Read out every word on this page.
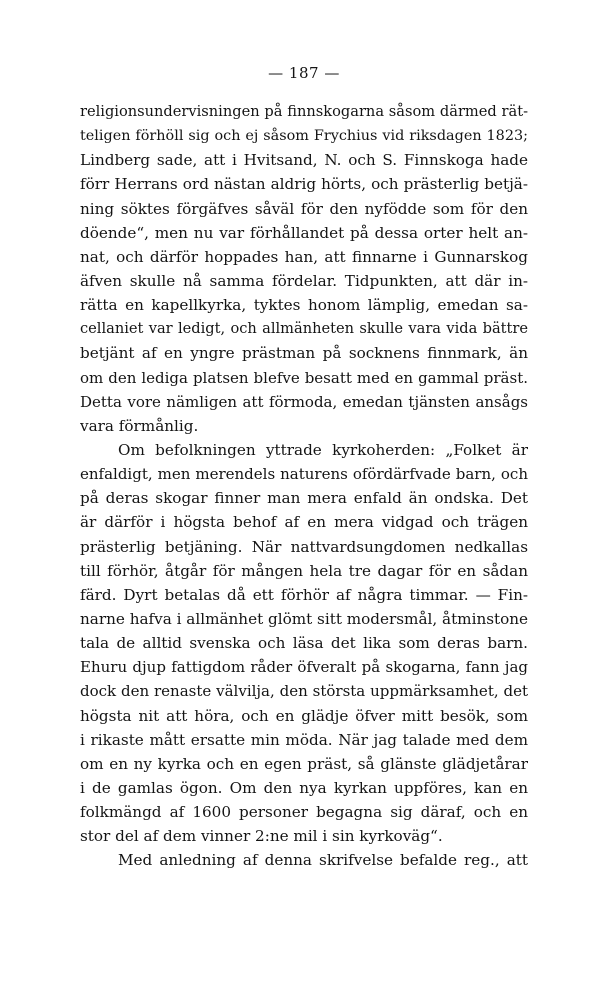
— 187 —
religionsundervisningen på finnskogarna såsom därmed rät-
teligen förhöll sig och ej såsom Frychius vid riksdagen 1823;
Lindberg sade, att i Hvitsand, N. och S. Finnskoga hade
förr Herrans ord nästan aldrig hörts, och prästerlig betjä-
ning söktes förgäfves såväl för den nyfödde som för den
döende“, men nu var förhållandet på dessa orter helt an-
nat, och därför hoppades han, att finnarne i Gunnarskog
äfven skulle nå samma fördelar. Tidpunkten, att där in-
rätta en kapellkyrka, tyktes honom lämplig, emedan sa-
cellaniet var ledigt, och allmänheten skulle vara vida bättre
betjänt af en yngre prästman på socknens finnmark, än
om den lediga platsen blefve besatt med en gammal präst.
Detta vore nämligen att förmoda, emedan tjänsten ansågs
vara förmånlig.
Om befolkningen yttrade kyrkoherden: „Folket är
enfaldigt, men merendels naturens ofördärfvade barn, och
på deras skogar finner man mera enfald än ondska. Det
är därför i högsta behof af en mera vidgad och trägen
prästerlig betjäning. När nattvardsungdomen nedkallas
till förhör, åtgår för mången hela tre dagar för en sådan
färd. Dyrt betalas då ett förhör af några timmar. — Fin-
narne hafva i allmänhet glömt sitt modersmål, åtminstone
tala de alltid svenska och läsa det lika som deras barn.
Ehuru djup fattigdom råder öfveralt på skogarna, fann jag
dock den renaste välvilja, den största uppmärksamhet, det
högsta nit att höra, och en glädje öfver mitt besök, som
i rikaste mått ersatte min möda. När jag talade med dem
om en ny kyrka och en egen präst, så glänste glädjetårar
i de gamlas ögon. Om den nya kyrkan uppföres, kan en
folkmängd af 1600 personer begagna sig däraf, och en
stor del af dem vinner 2:ne mil i sin kyrkoväg“.
Med anledning af denna skrifvelse befalde reg., att
